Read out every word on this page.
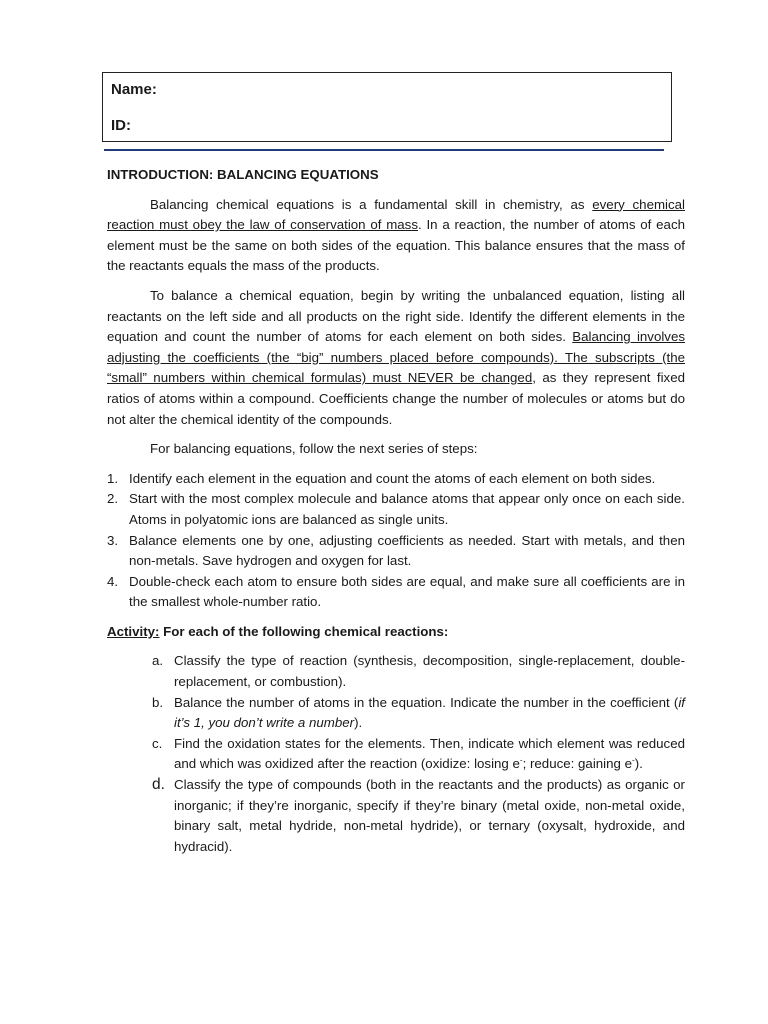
Name:
ID:
INTRODUCTION: BALANCING EQUATIONS

Balancing chemical equations is a fundamental skill in chemistry, as every chemical reaction must obey the law of conservation of mass. In a reaction, the number of atoms of each element must be the same on both sides of the equation. This balance ensures that the mass of the reactants equals the mass of the products.

To balance a chemical equation, begin by writing the unbalanced equation, listing all reactants on the left side and all products on the right side. Identify the different elements in the equation and count the number of atoms for each element on both sides. Balancing involves adjusting the coefficients (the “big” numbers placed before compounds). The subscripts (the “small” numbers within chemical formulas) must NEVER be changed, as they represent fixed ratios of atoms within a compound. Coefficients change the number of molecules or atoms but do not alter the chemical identity of the compounds.

For balancing equations, follow the next series of steps:

1. Identify each element in the equation and count the atoms of each element on both sides.
2. Start with the most complex molecule and balance atoms that appear only once on each side. Atoms in polyatomic ions are balanced as single units.
3. Balance elements one by one, adjusting coefficients as needed. Start with metals, and then non-metals. Save hydrogen and oxygen for last.
4. Double-check each atom to ensure both sides are equal, and make sure all coefficients are in the smallest whole-number ratio.
Activity: For each of the following chemical reactions:
a. Classify the type of reaction (synthesis, decomposition, single-replacement, double-replacement, or combustion).
b. Balance the number of atoms in the equation. Indicate the number in the coefficient (if it’s 1, you don’t write a number).
c. Find the oxidation states for the elements. Then, indicate which element was reduced and which was oxidized after the reaction (oxidize: losing e-; reduce: gaining e-).
d. Classify the type of compounds (both in the reactants and the products) as organic or inorganic; if they’re inorganic, specify if they’re binary (metal oxide, non-metal oxide, binary salt, metal hydride, non-metal hydride), or ternary (oxysalt, hydroxide, and hydracid).
